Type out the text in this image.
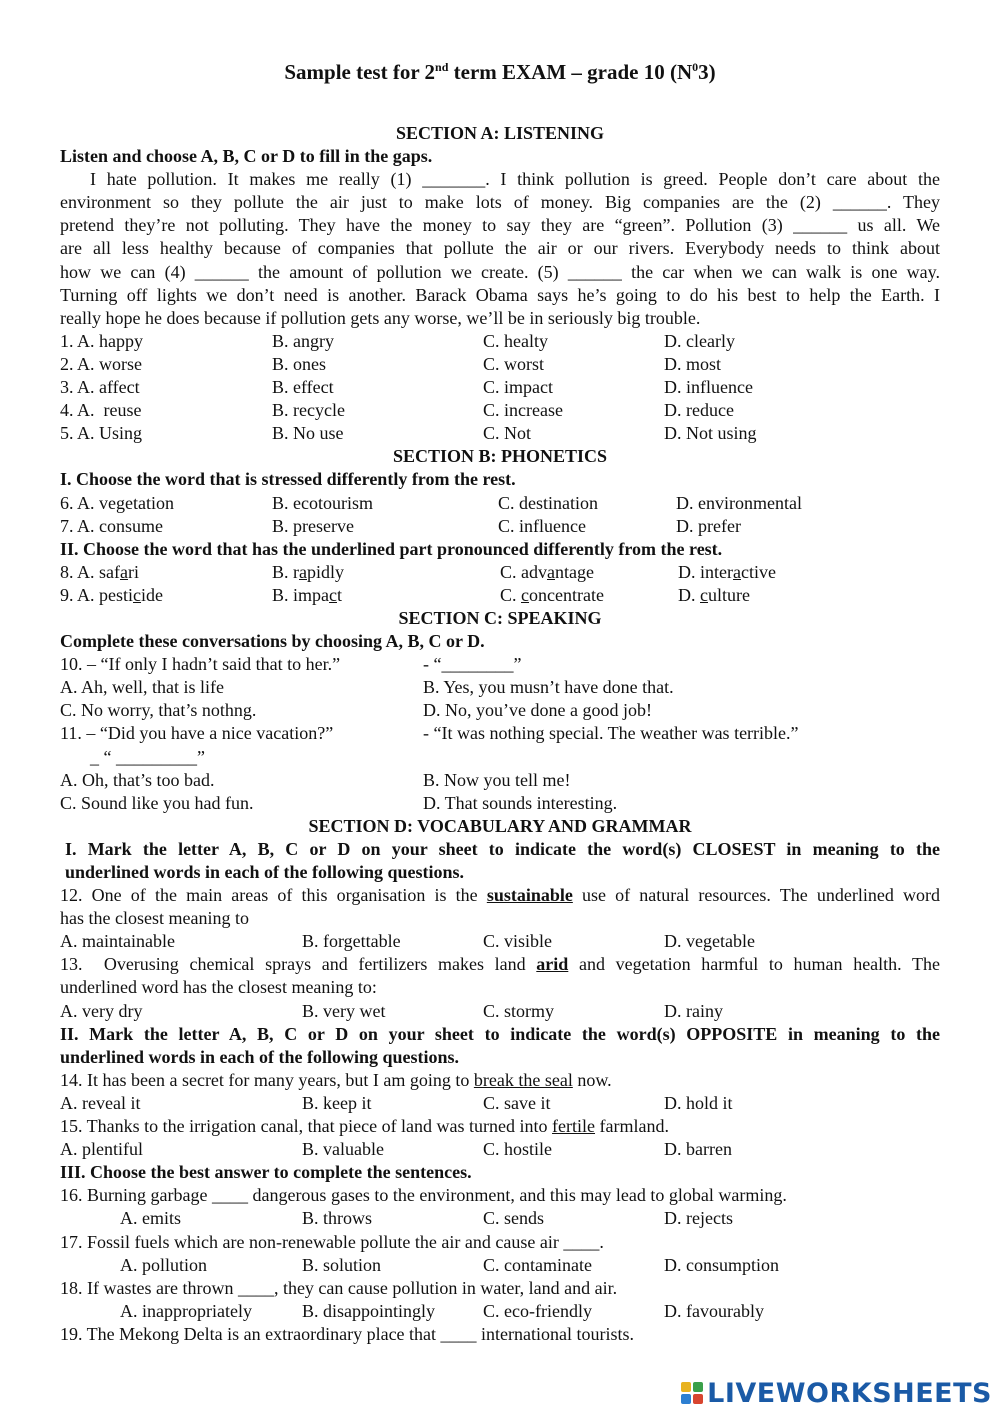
Sample test for 2nd term EXAM – grade 10 $(N^03)$
SECTION A: LISTENING
Listen and choose A, B, C or D to fill in the gaps.
I hate pollution. It makes me really (1) _______. I think pollution is greed. People don’t care about the
environment so they pollute the air just to make lots of money. Big companies are the (2) ______. They
pretend they’re not polluting. They have the money to say they are “green”. Pollution (3) ______ us all. We
are all less healthy because of companies that pollute the air or our rivers. Everybody needs to think about
how we can (4) ______ the amount of pollution we create. (5) ______ the car when we can walk is one way.
Turning off lights we don’t need is another. Barack Obama says he’s going to do his best to help the Earth. I
really hope he does because if pollution gets any worse, we’ll be in seriously big trouble.
1. A. happy	B. angry	C. healty	D. clearly
2. A. worse	B. ones	C. worst	D. most
3. A. affect	B. effect	C. impact	D. influence
4. A.  reuse	B. recycle	C. increase	D. reduce
5. A. Using	B. No use	C. Not	D. Not using
SECTION B: PHONETICS
I. Choose the word that is stressed differently from the rest.
6. A. vegetation	B. ecotourism	C. destination	D. environmental
7. A. consume	B. preserve	C. influence	D. prefer
II. Choose the word that has the underlined part pronounced differently from the rest.
8. A. safari	B. rapidly	C. advantage	D. interactive
9. A. pesticide	B. impact	C. concentrate	D. culture
SECTION C: SPEAKING
Complete these conversations by choosing A, B, C or D.
10. – “If only I hadn’t said that to her.”	- “________”
A. Ah, well, that is life	B. Yes, you musn’t have done that.
C. No worry, that’s nothng.	D. No, you’ve done a good job!
11. – “Did you have a nice vacation?”	- “It was nothing special. The weather was terrible.”
_ “ _________”
A. Oh, that’s too bad.	B. Now you tell me!
C. Sound like you had fun.	D. That sounds interesting.
SECTION D: VOCABULARY AND GRAMMAR
I. Mark the letter A, B, C or D on your sheet to indicate the word(s) CLOSEST in meaning to the
underlined words in each of the following questions.
12. One of the main areas of this organisation is the sustainable use of natural resources. The underlined word
has the closest meaning to
A. maintainable	B. forgettable	C. visible	D. vegetable
13.  Overusing chemical sprays and fertilizers makes land arid and vegetation harmful to human health. The
underlined word has the closest meaning to:
A. very dry	B. very wet	C. stormy	D. rainy
II. Mark the letter A, B, C or D on your sheet to indicate the word(s) OPPOSITE in meaning to the
underlined words in each of the following questions.
14. It has been a secret for many years, but I am going to break the seal now.
A. reveal it	B. keep it	C. save it	D. hold it
15. Thanks to the irrigation canal, that piece of land was turned into fertile farmland.
A. plentiful	B. valuable	C. hostile	D. barren
III. Choose the best answer to complete the sentences.
16. Burning garbage ____ dangerous gases to the environment, and this may lead to global warming.
A. emits	B. throws	C. sends	D. rejects
17. Fossil fuels which are non-renewable pollute the air and cause air ____.
A. pollution	B. solution	C. contaminate	D. consumption
18. If wastes are thrown ____, they can cause pollution in water, land and air.
A. inappropriately	B. disappointingly	C. eco-friendly	D. favourably
19. The Mekong Delta is an extraordinary place that ____ international tourists.
LIVEWORKSHEETS
